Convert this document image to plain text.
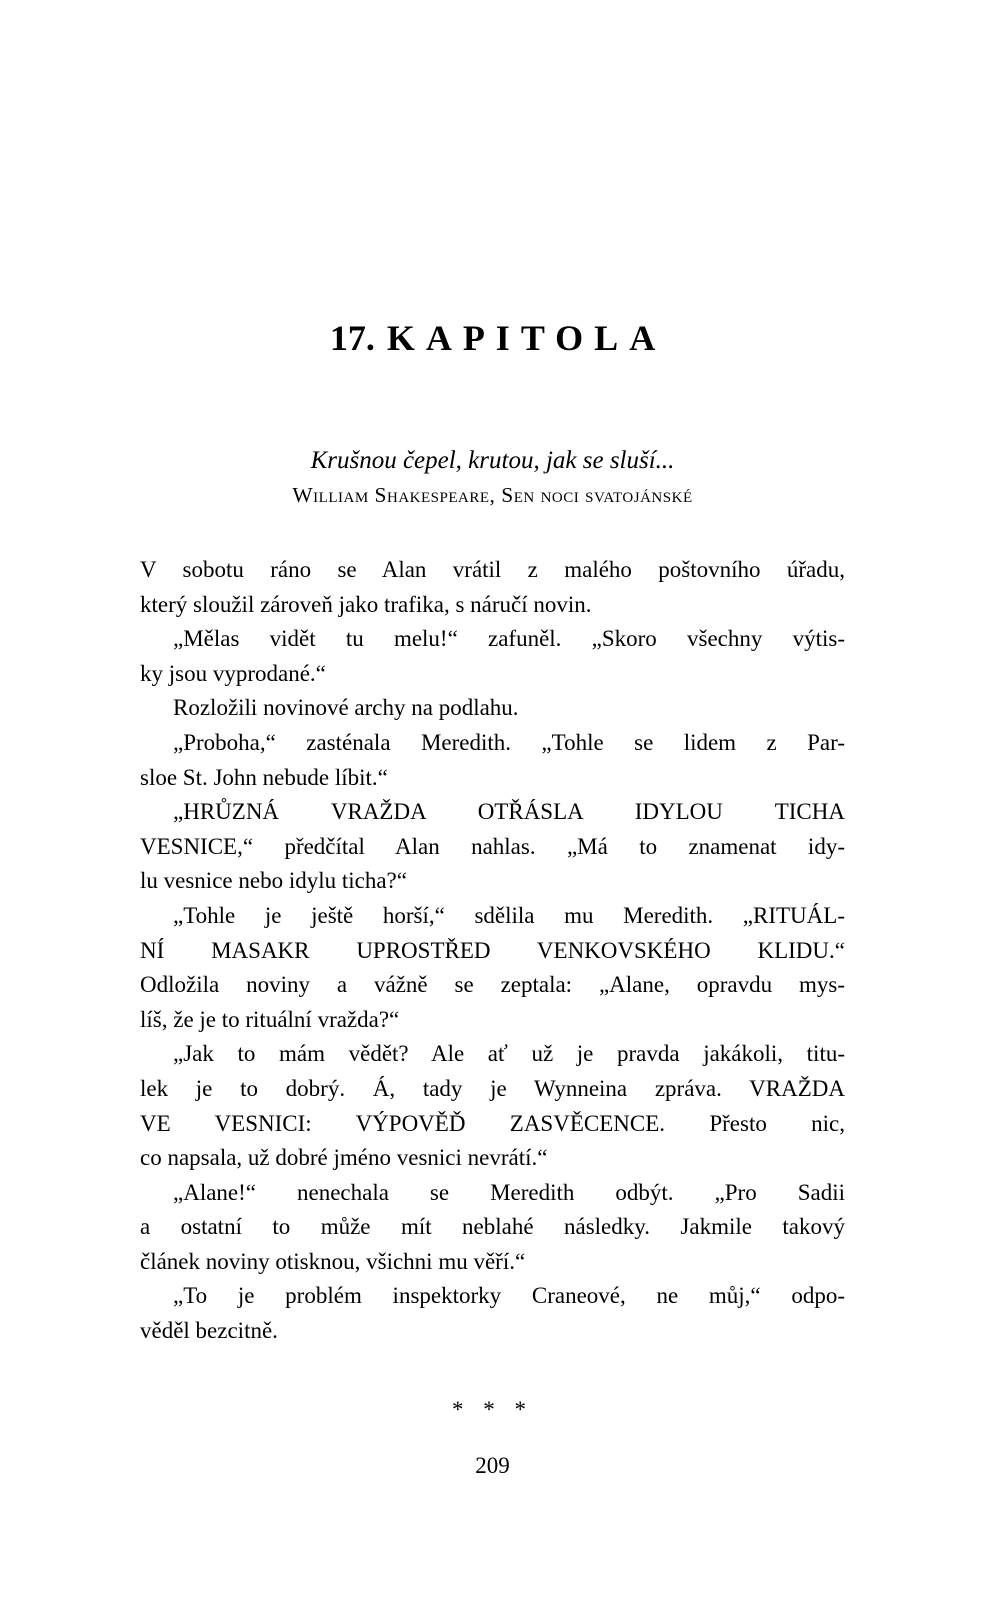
17. KAPITOLA
Krušnou čepel, krutou, jak se sluší...
William Shakespeare, Sen noci svatojánské
V sobotu ráno se Alan vrátil z malého poštovního úřadu,
který sloužil zároveň jako trafika, s náručí novin.
„Mělas vidět tu melu!“ zafuněl. „Skoro všechny výtis-
ky jsou vyprodané.“
Rozložili novinové archy na podlahu.
„Proboha,“ zasténala Meredith. „Tohle se lidem z Par-
sloe St. John nebude líbit.“
„HRŮZNÁ VRAŽDA OTŘÁSLA IDYLOU TICHA
VESNICE,“ předčítal Alan nahlas. „Má to znamenat idy-
lu vesnice nebo idylu ticha?“
„Tohle je ještě horší,“ sdělila mu Meredith. „RITUÁL-
NÍ MASAKR UPROSTŘED VENKOVSKÉHO KLIDU.“
Odložila noviny a vážně se zeptala: „Alane, opravdu mys-
líš, že je to rituální vražda?“
„Jak to mám vědět? Ale ať už je pravda jakákoli, titu-
lek je to dobrý. Á, tady je Wynneina zpráva. VRAŽDA
VE VESNICI: VÝPOVĚĎ ZASVĚCENCE. Přesto nic,
co napsala, už dobré jméno vesnici nevrátí.“
„Alane!“ nenechala se Meredith odbýt. „Pro Sadii
a ostatní to může mít neblahé následky. Jakmile takový
článek noviny otisknou, všichni mu věří.“
„To je problém inspektorky Craneové, ne můj,“ odpo-
věděl bezcitně.
* * *
209
